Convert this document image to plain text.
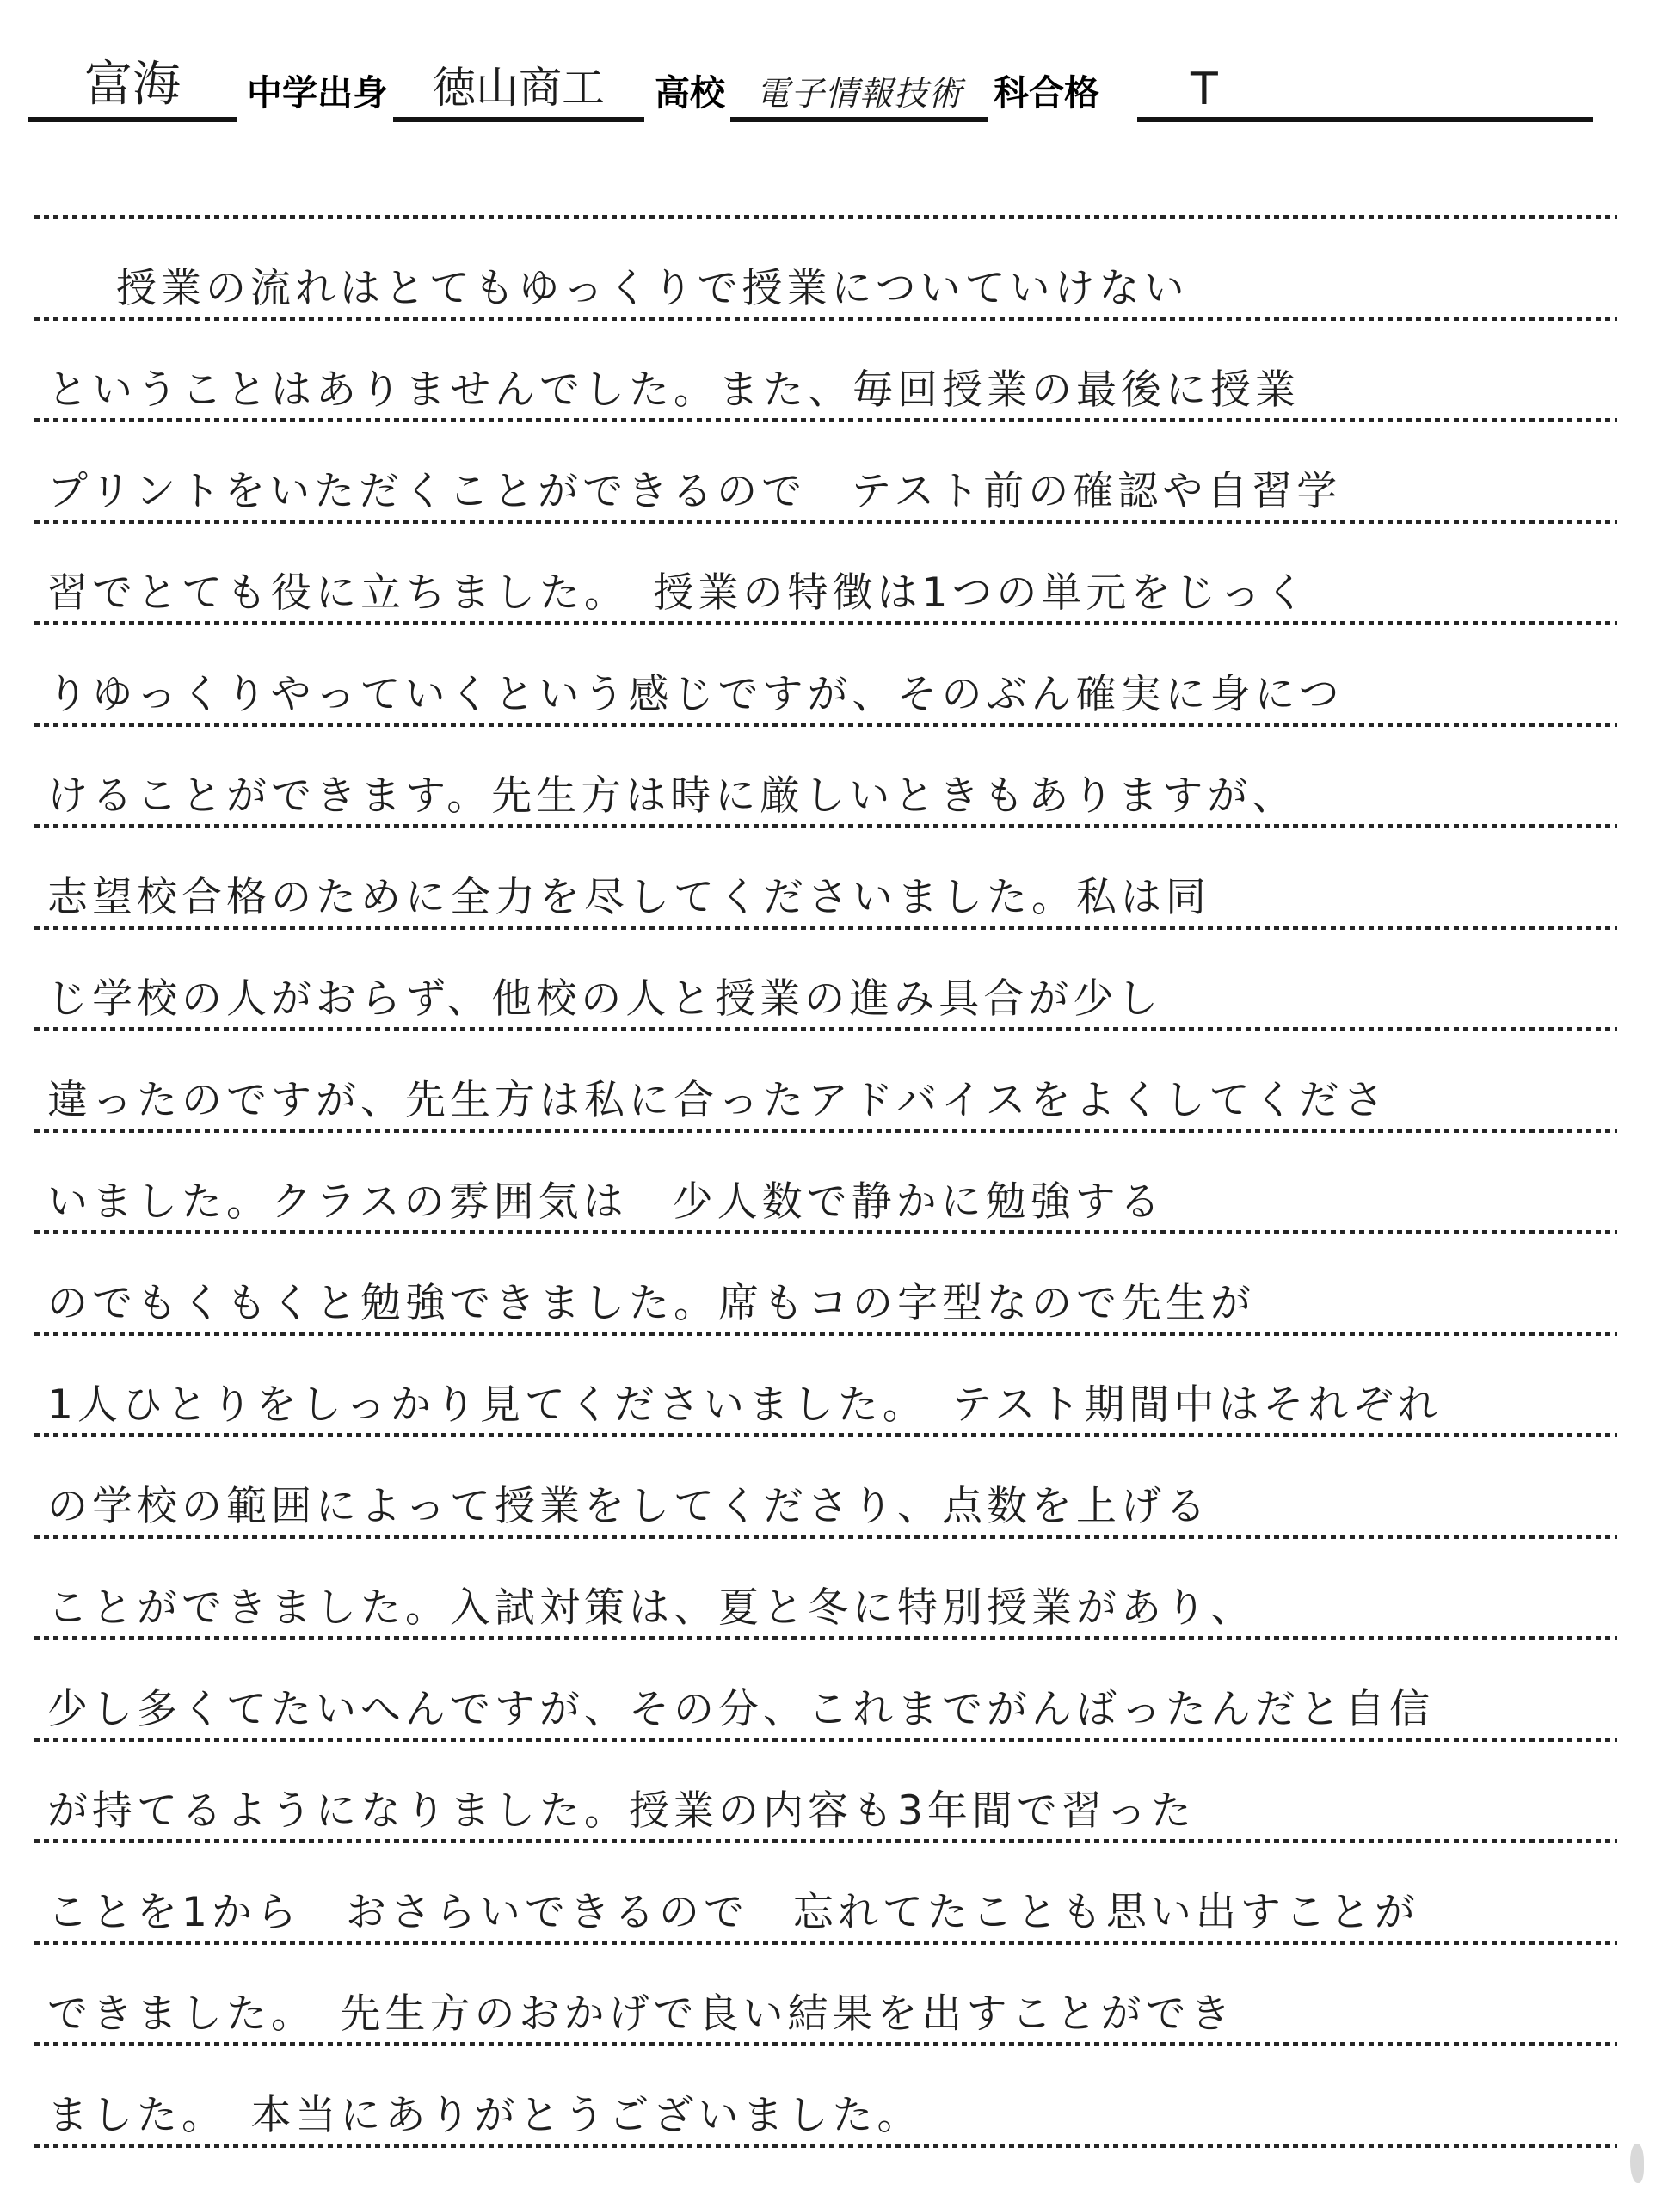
富海	中学出身	徳山商工	高校 電子情報技術 科合格	T
授業の流れはとてもゆっくりで授業についていけない
ということはありませんでした。また、毎回授業の最後に授業
プリントをいただくことができるので　テスト前の確認や自習学
習でとても役に立ちました。　授業の特徴は1つの単元をじっく
りゆっくりやっていくという感じですが、そのぶん確実に身につ
けることができます。先生方は時に厳しいときもありますが、
志望校合格のために全力を尽してくださいました。私は同
じ学校の人がおらず、他校の人と授業の進み具合が少し
違ったのですが、先生方は私に合ったアドバイスをよくしてくださ
いました。クラスの雰囲気は　少人数で静かに勉強する
のでもくもくと勉強できました。席もコの字型なので先生が
1人ひとりをしっかり見てくださいました。　テスト期間中はそれぞれ
の学校の範囲によって授業をしてくださり、点数を上げる
ことができました。入試対策は、夏と冬に特別授業があり、
少し多くてたいへんですが、その分、これまでがんばったんだと自信
が持てるようになりました。授業の内容も3年間で習った
ことを1から　おさらいできるので　忘れてたことも思い出すことが
できました。　先生方のおかげで良い結果を出すことができ
ました。　本当にありがとうございました。
